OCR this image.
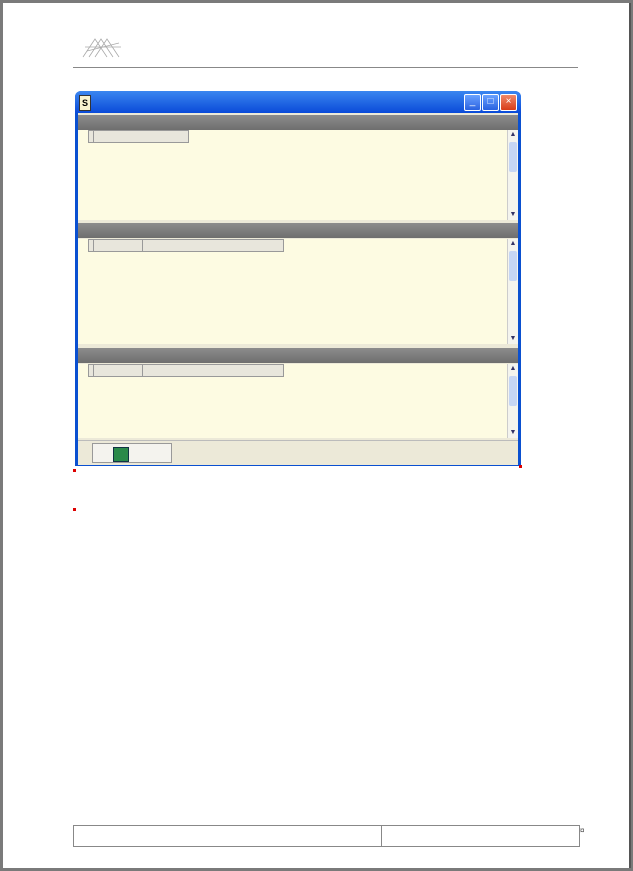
S	_	□	×

▲
▼

▲
▼

▲
▼
¤
